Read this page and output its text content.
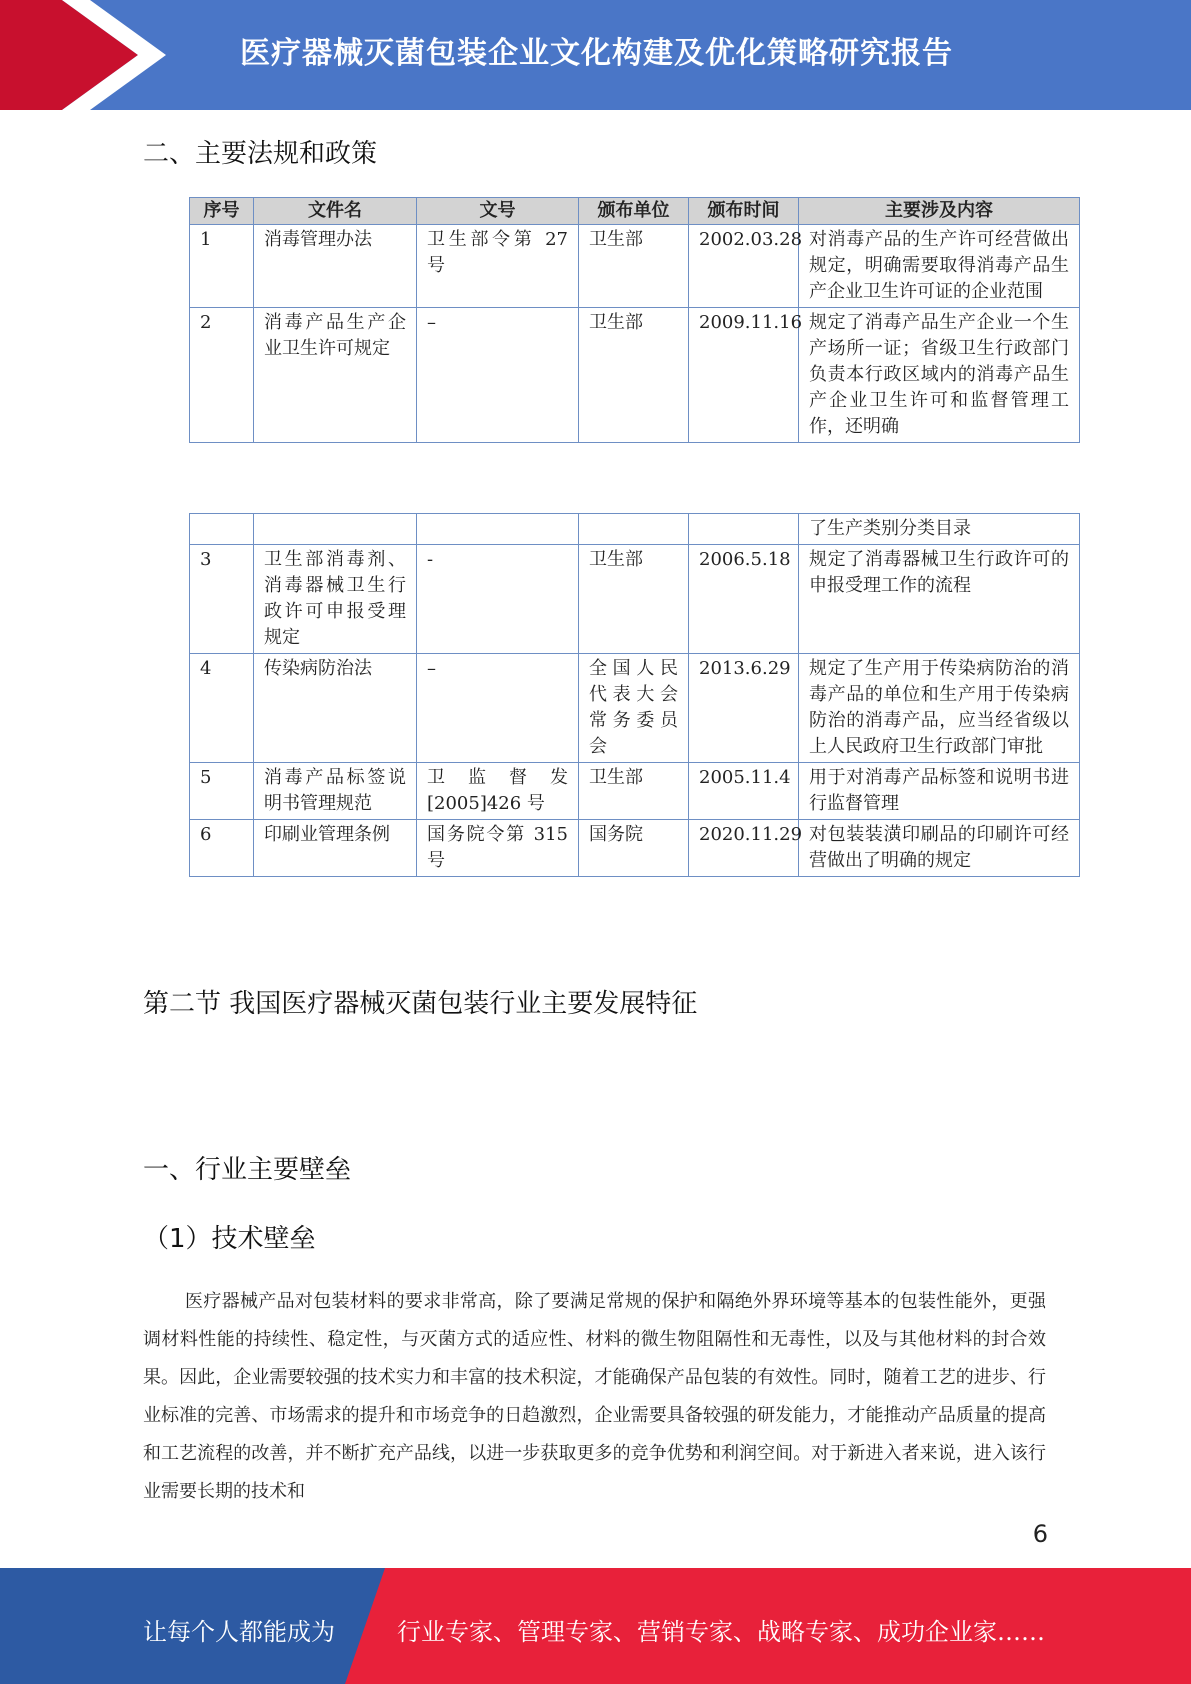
医疗器械灭菌包装企业文化构建及优化策略研究报告
二、主要法规和政策
序号	文件名	文号	颁布单位	颁布时间	主要涉及内容
1	消毒管理办法	卫生部令第 27 号	卫生部	2002.03.28	对消毒产品的生产许可经营做出规定，明确需要取得消毒产品生产企业卫生许可证的企业范围
2	消毒产品生产企业卫生许可规定	–	卫生部	2009.11.16	规定了消毒产品生产企业一个生产场所一证；省级卫生行政部门负责本行政区域内的消毒产品生产企业卫生许可和监督管理工作，还明确
					了生产类别分类目录
3	卫生部消毒剂、消毒器械卫生行政许可申报受理规定	-	卫生部	2006.5.18	规定了消毒器械卫生行政许可的申报受理工作的流程
4	传染病防治法	–	全国人民代表大会常务委员会	2013.6.29	规定了生产用于传染病防治的消毒产品的单位和生产用于传染病防治的消毒产品，应当经省级以上人民政府卫生行政部门审批
5	消毒产品标签说明书管理规范	卫 监 督 发 [2005]426 号	卫生部	2005.11.4	用于对消毒产品标签和说明书进行监督管理
6	印刷业管理条例	国务院令第 315 号	国务院	2020.11.29	对包装装潢印刷品的印刷许可经营做出了明确的规定
第二节 我国医疗器械灭菌包装行业主要发展特征
一、行业主要壁垒
（1）技术壁垒

医疗器械产品对包装材料的要求非常高，除了要满足常规的保护和隔绝外界环境等基本的包装性能外，更强调材料性能的持续性、稳定性，与灭菌方式的适应性、材料的微生物阻隔性和无毒性，以及与其他材料的封合效果。因此，企业需要较强的技术实力和丰富的技术积淀，才能确保产品包装的有效性。同时，随着工艺的进步、行业标准的完善、市场需求的提升和市场竞争的日趋激烈，企业需要具备较强的研发能力，才能推动产品质量的提高和工艺流程的改善，并不断扩充产品线，以进一步获取更多的竞争优势和利润空间。对于新进入者来说，进入该行业需要长期的技术和

6
让每个人都能成为	行业专家、管理专家、营销专家、战略专家、成功企业家……
